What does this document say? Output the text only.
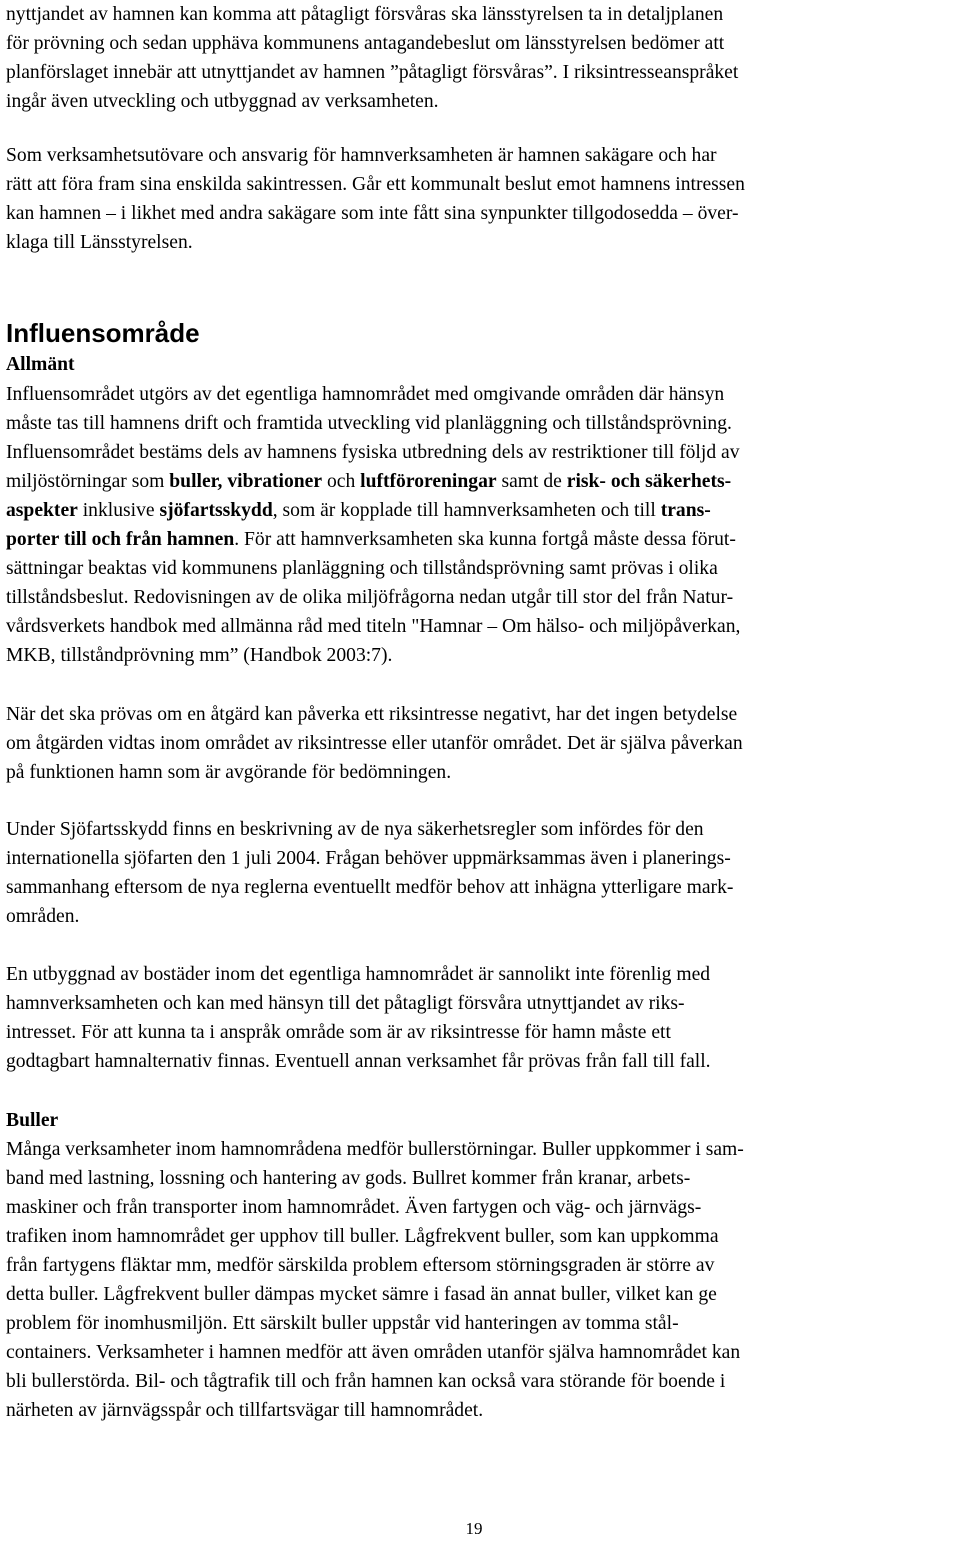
nyttjandet av hamnen kan komma att påtagligt försvåras ska länsstyrelsen ta in detaljplanen
för prövning och sedan upphäva kommunens antagandebeslut om länsstyrelsen bedömer att
planförslaget innebär att utnyttjandet av hamnen ”påtagligt försvåras”. I riksintresseanspråket
ingår även utveckling och utbyggnad av verksamheten.
Som verksamhetsutövare och ansvarig för hamnverksamheten är hamnen sakägare och har
rätt att föra fram sina enskilda sakintressen. Går ett kommunalt beslut emot hamnens intressen
kan hamnen – i likhet med andra sakägare som inte fått sina synpunkter tillgodosedda – över-
klaga till Länsstyrelsen.
Influensområde
Allmänt
Influensområdet utgörs av det egentliga hamnområdet med omgivande områden där hänsyn
måste tas till hamnens drift och framtida utveckling vid planläggning och tillståndsprövning.
Influensområdet bestäms dels av hamnens fysiska utbredning dels av restriktioner till följd av
miljöstörningar som buller, vibrationer och luftföroreningar samt de risk- och säkerhets-
aspekter inklusive sjöfartsskydd, som är kopplade till hamnverksamheten och till trans-
porter till och från hamnen. För att hamnverksamheten ska kunna fortgå måste dessa förut-
sättningar beaktas vid kommunens planläggning och tillståndsprövning samt prövas i olika
tillståndsbeslut. Redovisningen av de olika miljöfrågorna nedan utgår till stor del från Natur-
vårdsverkets handbok med allmänna råd med titeln "Hamnar – Om hälso- och miljöpåverkan,
MKB, tillståndprövning mm” (Handbok 2003:7).
När det ska prövas om en åtgärd kan påverka ett riksintresse negativt, har det ingen betydelse
om åtgärden vidtas inom området av riksintresse eller utanför området. Det är själva påverkan
på funktionen hamn som är avgörande för bedömningen.
Under Sjöfartsskydd finns en beskrivning av de nya säkerhetsregler som infördes för den
internationella sjöfarten den 1 juli 2004. Frågan behöver uppmärksammas även i planerings-
sammanhang eftersom de nya reglerna eventuellt medför behov att inhägna ytterligare mark-
områden.
En utbyggnad av bostäder inom det egentliga hamnområdet är sannolikt inte förenlig med
hamnverksamheten och kan med hänsyn till det påtagligt försvåra utnyttjandet av riks-
intresset. För att kunna ta i anspråk område som är av riksintresse för hamn måste ett
godtagbart hamnalternativ finnas. Eventuell annan verksamhet får prövas från fall till fall.
Buller
Många verksamheter inom hamnområdena medför bullerstörningar. Buller uppkommer i sam-
band med lastning, lossning och hantering av gods. Bullret kommer från kranar, arbets-
maskiner och från transporter inom hamnområdet. Även fartygen och väg- och järnvägs-
trafiken inom hamnområdet ger upphov till buller. Lågfrekvent buller, som kan uppkomma
från fartygens fläktar mm, medför särskilda problem eftersom störningsgraden är större av
detta buller. Lågfrekvent buller dämpas mycket sämre i fasad än annat buller, vilket kan ge
problem för inomhusmiljön. Ett särskilt buller uppstår vid hanteringen av tomma stål-
containers. Verksamheter i hamnen medför att även områden utanför själva hamnområdet kan
bli bullerstörda. Bil- och tågtrafik till och från hamnen kan också vara störande för boende i
närheten av järnvägsspår och tillfartsvägar till hamnområdet.
19
